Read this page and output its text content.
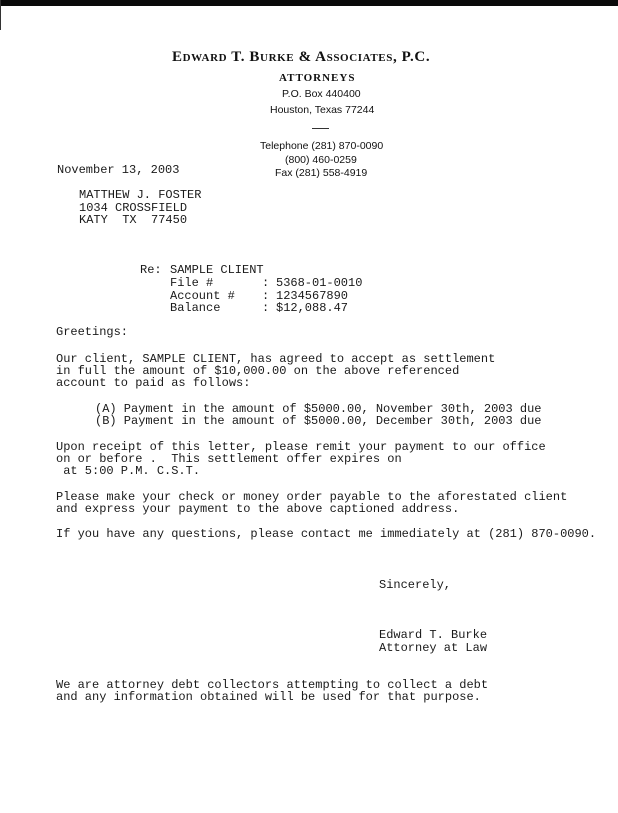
Edward T. Burke & Associates, P.C.
ATTORNEYS
P.O. Box 440400
Houston, Texas 77244
Telephone (281) 870-0090
(800) 460-0259
Fax (281) 558-4919
November 13, 2003
MATTHEW J. FOSTER
1034 CROSSFIELD
KATY  TX  77450
Re: SAMPLE CLIENT
File #	: 5368-01-0010
Account # : 1234567890
Balance	: $12,088.47
Greetings:
Our client, SAMPLE CLIENT, has agreed to accept as settlement
in full the amount of $10,000.00 on the above referenced
account to paid as follows:
(A) Payment in the amount of $5000.00, November 30th, 2003 due
(B) Payment in the amount of $5000.00, December 30th, 2003 due
Upon receipt of this letter, please remit your payment to our office
on or before .  This settlement offer expires on
at 5:00 P.M. C.S.T.
Please make your check or money order payable to the aforestated client
and express your payment to the above captioned address.
If you have any questions, please contact me immediately at (281) 870-0090.
Sincerely,
Edward T. Burke
Attorney at Law
We are attorney debt collectors attempting to collect a debt
and any information obtained will be used for that purpose.
